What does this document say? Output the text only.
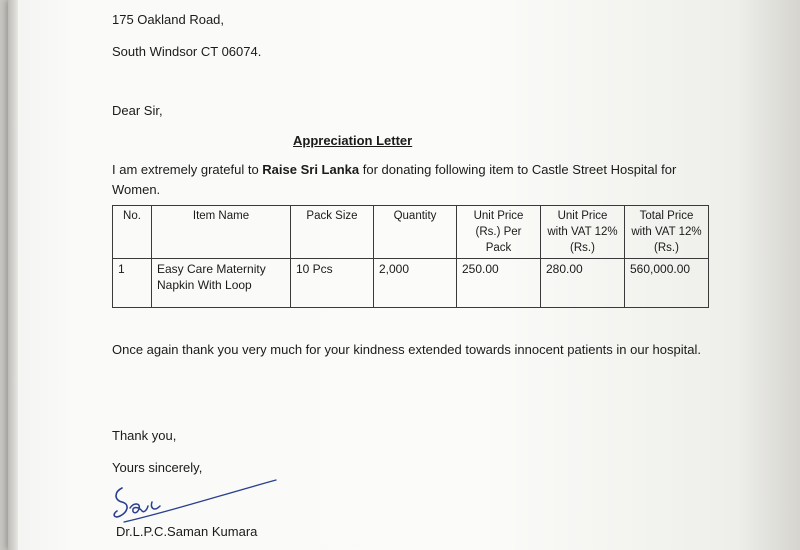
175 Oakland Road,
South Windsor CT 06074.
Dear Sir,
Appreciation Letter
I am extremely grateful to Raise Sri Lanka for donating following item to Castle Street Hospital for Women.
No.	Item Name	Pack Size	Quantity	Unit Price (Rs.) Per Pack	Unit Price with VAT 12% (Rs.)	Total Price with VAT 12% (Rs.)
1	Easy Care Maternity Napkin With Loop	10 Pcs	2,000	250.00	280.00	560,000.00
Once again thank you very much for your kindness extended towards innocent patients in our hospital.
Thank you,
Yours sincerely,
Dr.L.P.C.Saman Kumara
